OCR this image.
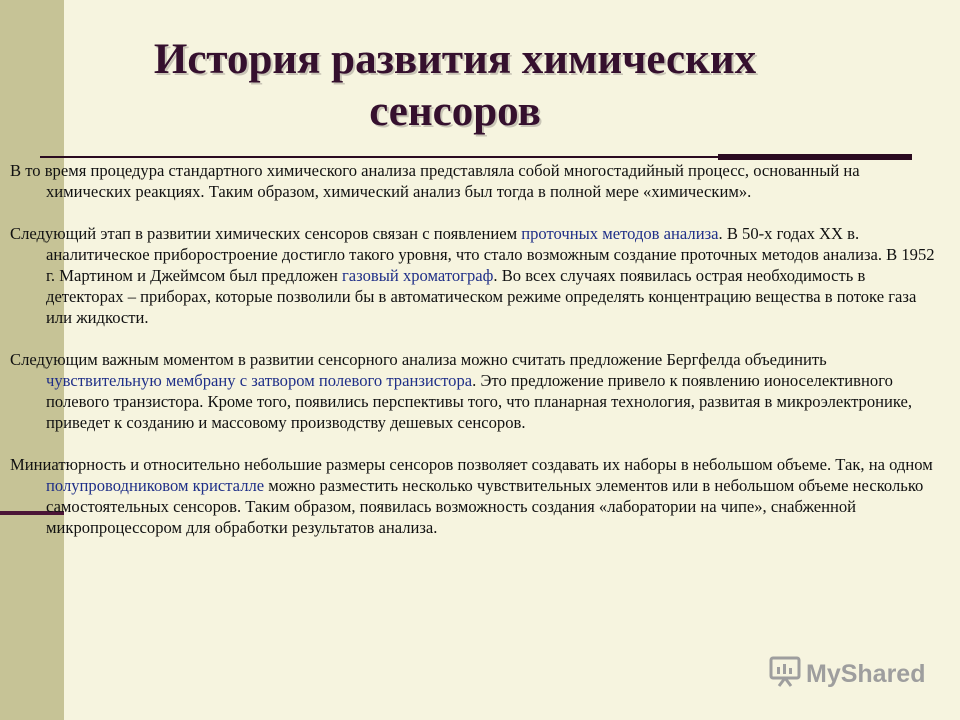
История развития химических
сенсоров

В то время процедура стандартного химического анализа представляла собой многостадийный процесс, основанный на химических реакциях. Таким образом, химический анализ был тогда в полной мере «химическим».

Следующий этап в развитии химических сенсоров связан с появлением проточных методов анализа. В 50-х годах XX в. аналитическое приборостроение достигло такого уровня, что стало возможным создание проточных методов анализа. В 1952 г. Мартином и Джеймсом был предложен газовый хроматограф. Во всех случаях появилась острая необходимость в детекторах – приборах, которые позволили бы в автоматическом режиме определять концентрацию вещества в потоке газа или жидкости.

Следующим важным моментом в развитии сенсорного анализа можно считать предложение Бергфелда объединить чувствительную мембрану с затвором полевого транзистора. Это предложение привело к появлению ионоселективного полевого транзистора. Кроме того, появились перспективы того, что планарная технология, развитая в микроэлектронике, приведет к созданию и массовому производству дешевых сенсоров.

Миниатюрность и относительно небольшие размеры сенсоров позволяет создавать их наборы в небольшом объеме. Так, на одном полупроводниковом кристалле можно разместить несколько чувствительных элементов или в небольшом объеме несколько самостоятельных сенсоров. Таким образом, появилась возможность создания «лаборатории на чипе», снабженной микропроцессором для обработки результатов анализа.

MyShared
